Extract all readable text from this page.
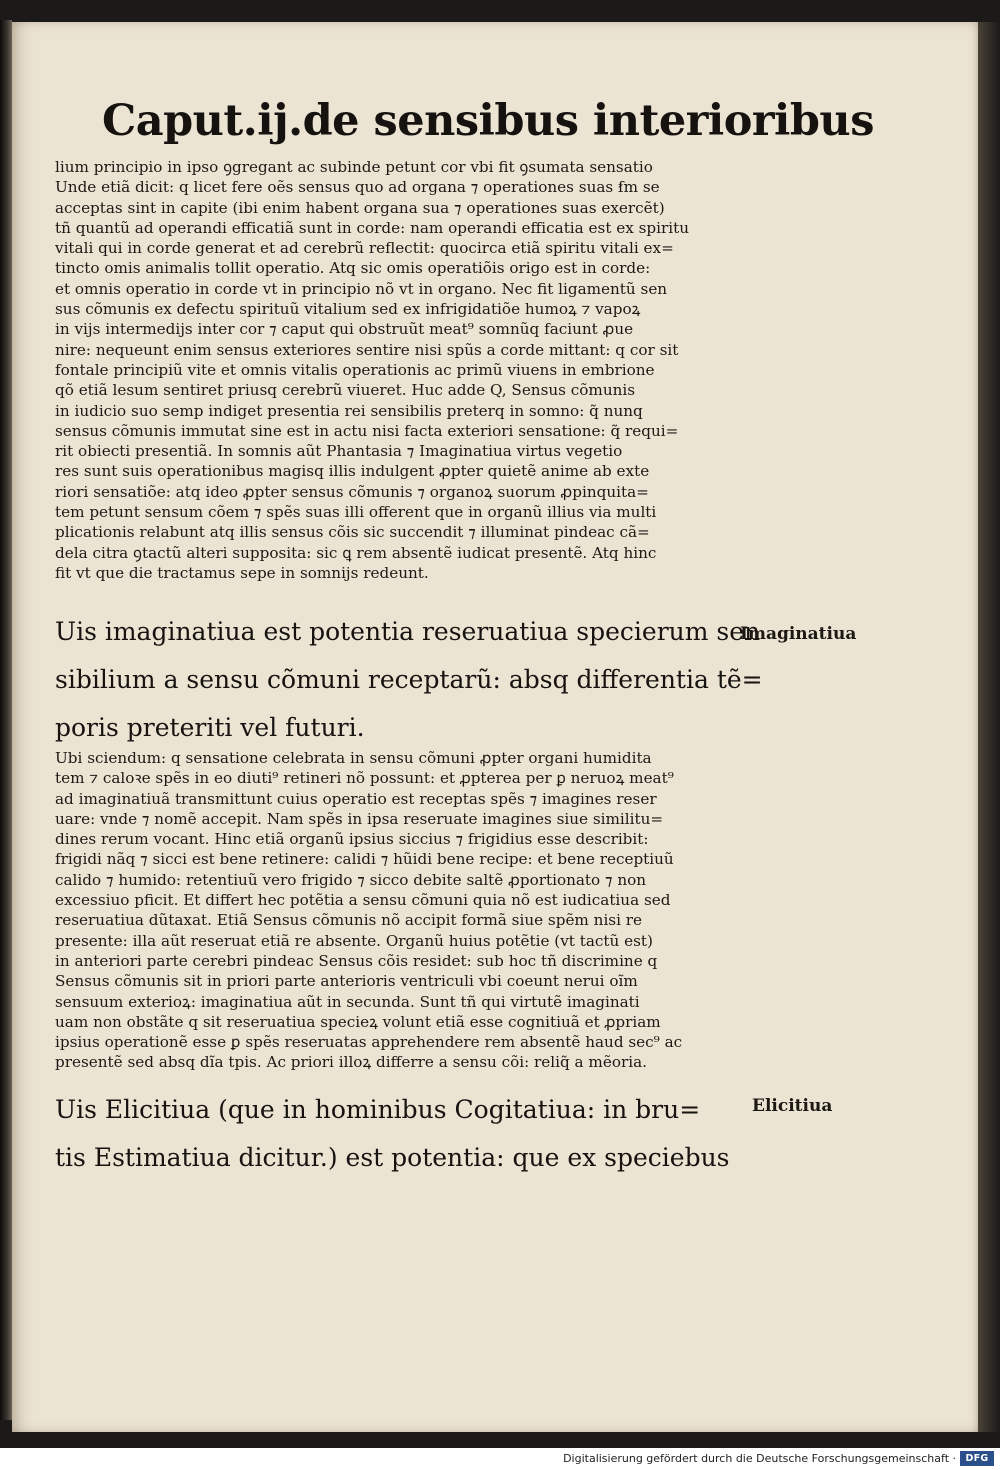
Caput.ij.de sensibus interioribus
lium principio in ipso ꝯgregant ac subinde petunt cor vbi fit ꝯsumata sensatio
Unde etiã dicit: q licet fere oẽs sensus quo ad organa ⁊ operationes suas ẜm se
acceptas sint in capite (ibi enim habent organa sua ⁊ operationes suas exercẽt)
tñ quantũ ad operandi efficatiã sunt in corde: nam operandi efficatia est ex spiritu
vitali qui in corde generat et ad cerebrũ reflectit: quocirca etiã spiritu vitali ex=
tincto omis animalis tollit operatio. Atq sic omis operatiõis origo est in corde:
et omnis operatio in corde vt in principio nõ vt in organo. Nec fit ligamentũ sen
sus cõmunis ex defectu spirituũ vitalium sed ex infrigidatiõe humoꝝ ⁊ vapoꝝ
in vijs intermedijs inter cor ⁊ caput qui obstruũt meat⁹ somnũq faciunt ꝓue
nire: nequeunt enim sensus exteriores sentire nisi spũs a corde mittant: q cor sit
fontale principiũ vite et omnis vitalis operationis ac primũ viuens in embrione
qõ etiã lesum sentiret priusq cerebrũ viueret. Huc adde Q, Sensus cõmunis
in iudicio suo semp indiget presentia rei sensibilis preterq in somno: q̃ nunq
sensus cõmunis immutat sine est in actu nisi facta exteriori sensatione: q̃ requi=
rit obiecti presentiã. In somnis aũt Phantasia ⁊ Imaginatiua virtus vegetio
res sunt suis operationibus magisq illis indulgent ꝓpter quietẽ anime ab exte
riori sensatiõe: atq ideo ꝓpter sensus cõmunis ⁊ organoꝝ suorum ꝓpinquita=
tem petunt sensum cõem ⁊ spẽs suas illi offerent que in organũ illius via multi
plicationis relabunt atq illis sensus cõis sic succendit ⁊ illuminat pindeac cã=
dela citra ꝯtactũ alteri supposita: sic ꝗ rem absentẽ iudicat presentẽ. Atq hinc
fit vt que die tractamus sepe in somnijs redeunt.
Uis imaginatiua est potentia reseruatiua specierum sen
sibilium a sensu cõmuni receptarũ: absq differentia tẽ=
poris preteriti vel futuri.
Imaginatiua
Ubi sciendum: q sensatione celebrata in sensu cõmuni ꝓpter organi humidita
tem ⁊ caloꝛe spẽs in eo diuti⁹ retineri nõ possunt: et ꝓpterea per ꝑ neruoꝝ meat⁹
ad imaginatiuã transmittunt cuius operatio est receptas spẽs ⁊ imagines reser
uare: vnde ⁊ nomẽ accepit. Nam spẽs in ipsa reseruate imagines siue similitu=
dines rerum vocant. Hinc etiã organũ ipsius siccius ⁊ frigidius esse describit:
frigidi nãq ⁊ sicci est bene retinere: calidi ⁊ hũidi bene recipe: et bene receptiuũ
calido ⁊ humido: retentiuũ vero frigido ⁊ sicco debite saltẽ ꝓportionato ⁊ non
excessiuo pficit. Et differt hec potẽtia a sensu cõmuni quia nõ est iudicatiua sed
reseruatiua dũtaxat. Etiã Sensus cõmunis nõ accipit formã siue spẽm nisi re
presente: illa aũt reseruat etiã re absente. Organũ huius potẽtie (vt tactũ est)
in anteriori parte cerebri pindeac Sensus cõis residet: sub hoc tñ discrimine q
Sensus cõmunis sit in priori parte anterioris ventriculi vbi coeunt nerui oĩm
sensuum exterioꝝ: imaginatiua aũt in secunda. Sunt tñ qui virtutẽ imaginati
uam non obstãte q sit reseruatiua specieꝝ volunt etiã esse cognitiuã et ꝓpriam
ipsius operationẽ esse ꝑ spẽs reseruatas apprehendere rem absentẽ haud sec⁹ ac
presentẽ sed absq dĩa tpis. Ac priori illoꝝ differre a sensu cõi: reliq̃ a mẽoria.
Uis Elicitiua (que in hominibus Cogitatiua: in bru=
tis Estimatiua dicitur.) est potentia: que ex speciebus
Elicitiua
Digitalisierung gefördert durch die Deutsche Forschungsgemeinschaft · DFG
